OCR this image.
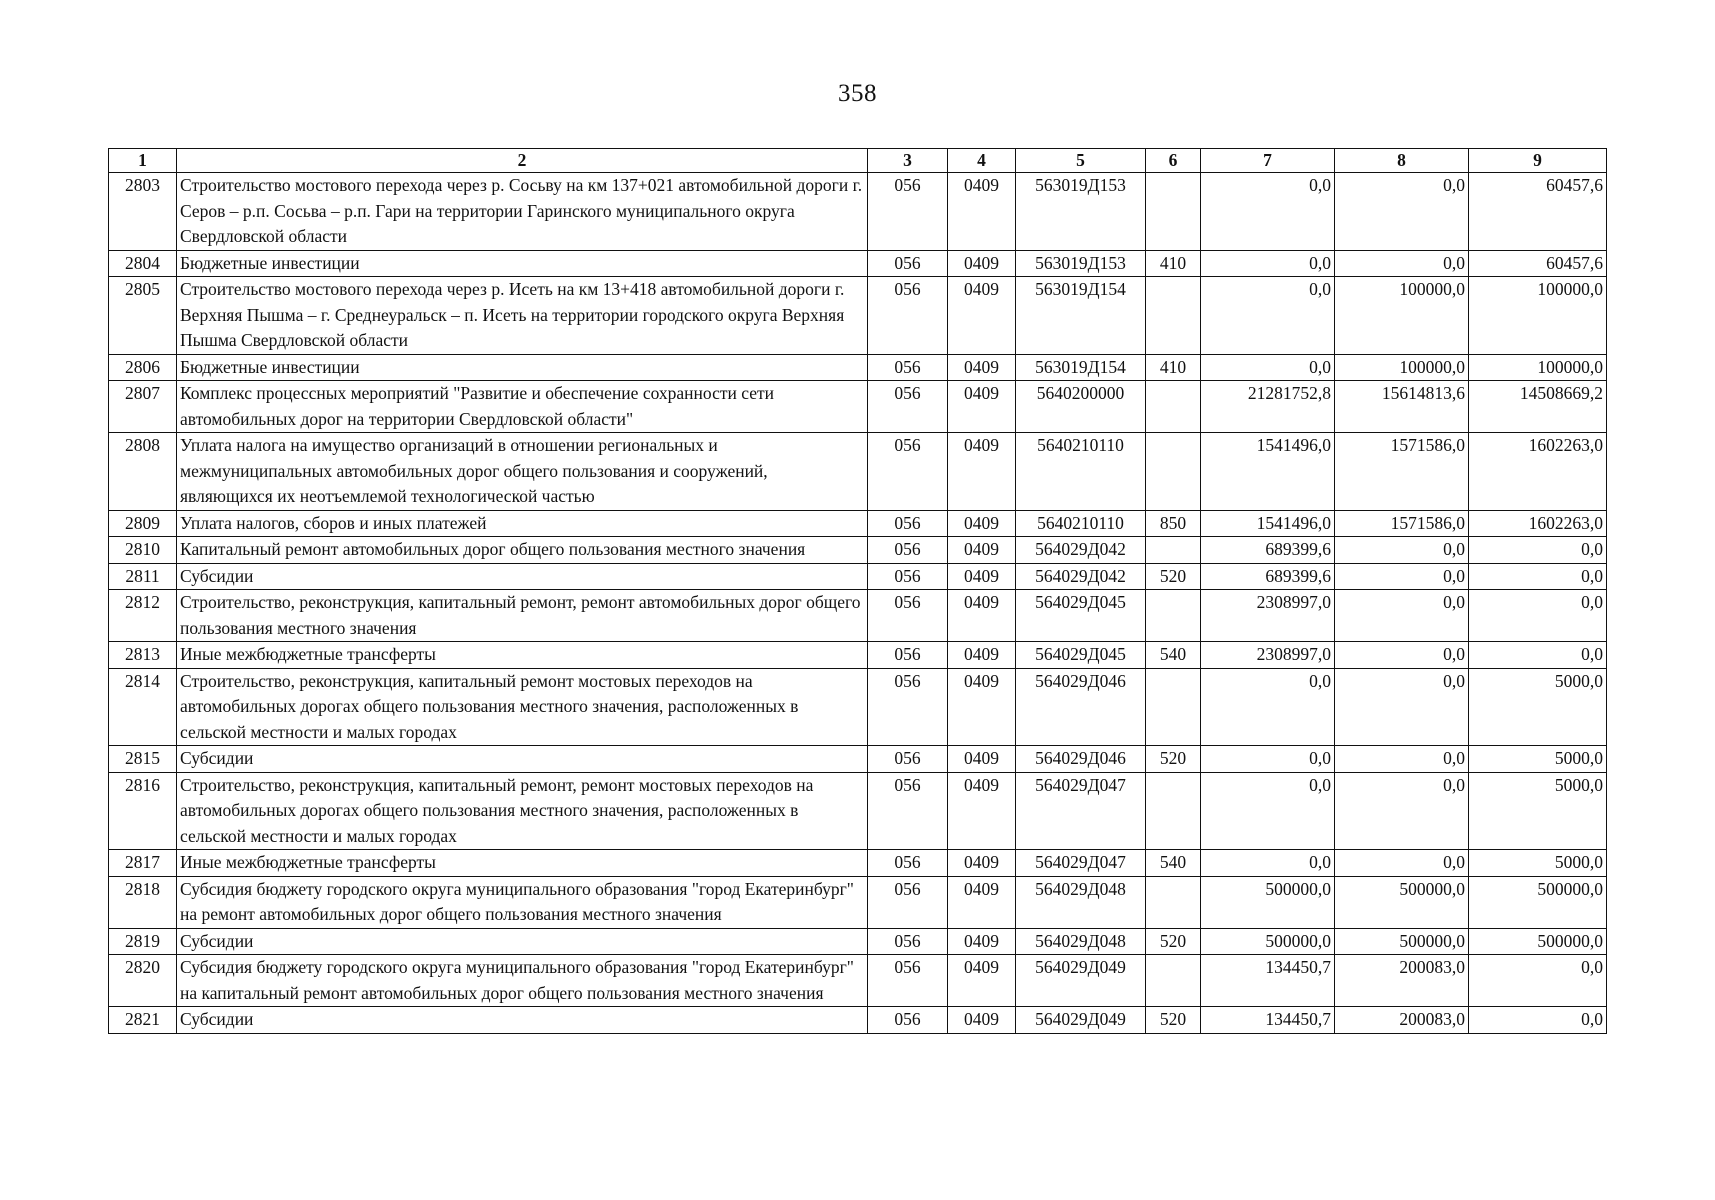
358
1	2	3	4	5	6	7	8	9
2803	Строительство мостового перехода через р. Сосьву на км 137+021 автомобильной дороги г. Серов – р.п. Сосьва – р.п. Гари на территории Гаринского муниципального округа Свердловской области	056	0409	563019Д153		0,0	0,0	60457,6
2804	Бюджетные инвестиции	056	0409	563019Д153	410	0,0	0,0	60457,6
2805	Строительство мостового перехода через р. Исеть на км 13+418 автомобильной дороги г. Верхняя Пышма – г. Среднеуральск – п. Исеть на территории городского округа Верхняя Пышма Свердловской области	056	0409	563019Д154		0,0	100000,0	100000,0
2806	Бюджетные инвестиции	056	0409	563019Д154	410	0,0	100000,0	100000,0
2807	Комплекс процессных мероприятий "Развитие и обеспечение сохранности сети автомобильных дорог на территории Свердловской области"	056	0409	5640200000		21281752,8	15614813,6	14508669,2
2808	Уплата налога на имущество организаций в отношении региональных и межмуниципальных автомобильных дорог общего пользования и сооружений, являющихся их неотъемлемой технологической частью	056	0409	5640210110		1541496,0	1571586,0	1602263,0
2809	Уплата налогов, сборов и иных платежей	056	0409	5640210110	850	1541496,0	1571586,0	1602263,0
2810	Капитальный ремонт автомобильных дорог общего пользования местного значения	056	0409	564029Д042		689399,6	0,0	0,0
2811	Субсидии	056	0409	564029Д042	520	689399,6	0,0	0,0
2812	Строительство, реконструкция, капитальный ремонт, ремонт автомобильных дорог общего пользования местного значения	056	0409	564029Д045		2308997,0	0,0	0,0
2813	Иные межбюджетные трансферты	056	0409	564029Д045	540	2308997,0	0,0	0,0
2814	Строительство, реконструкция, капитальный ремонт мостовых переходов на автомобильных дорогах общего пользования местного значения, расположенных в сельской местности и малых городах	056	0409	564029Д046		0,0	0,0	5000,0
2815	Субсидии	056	0409	564029Д046	520	0,0	0,0	5000,0
2816	Строительство, реконструкция, капитальный ремонт, ремонт мостовых переходов на автомобильных дорогах общего пользования местного значения, расположенных в сельской местности и малых городах	056	0409	564029Д047		0,0	0,0	5000,0
2817	Иные межбюджетные трансферты	056	0409	564029Д047	540	0,0	0,0	5000,0
2818	Субсидия бюджету городского округа муниципального образования "город Екатеринбург" на ремонт автомобильных дорог общего пользования местного значения	056	0409	564029Д048		500000,0	500000,0	500000,0
2819	Субсидии	056	0409	564029Д048	520	500000,0	500000,0	500000,0
2820	Субсидия бюджету городского округа муниципального образования "город Екатеринбург" на капитальный ремонт автомобильных дорог общего пользования местного значения	056	0409	564029Д049		134450,7	200083,0	0,0
2821	Субсидии	056	0409	564029Д049	520	134450,7	200083,0	0,0
